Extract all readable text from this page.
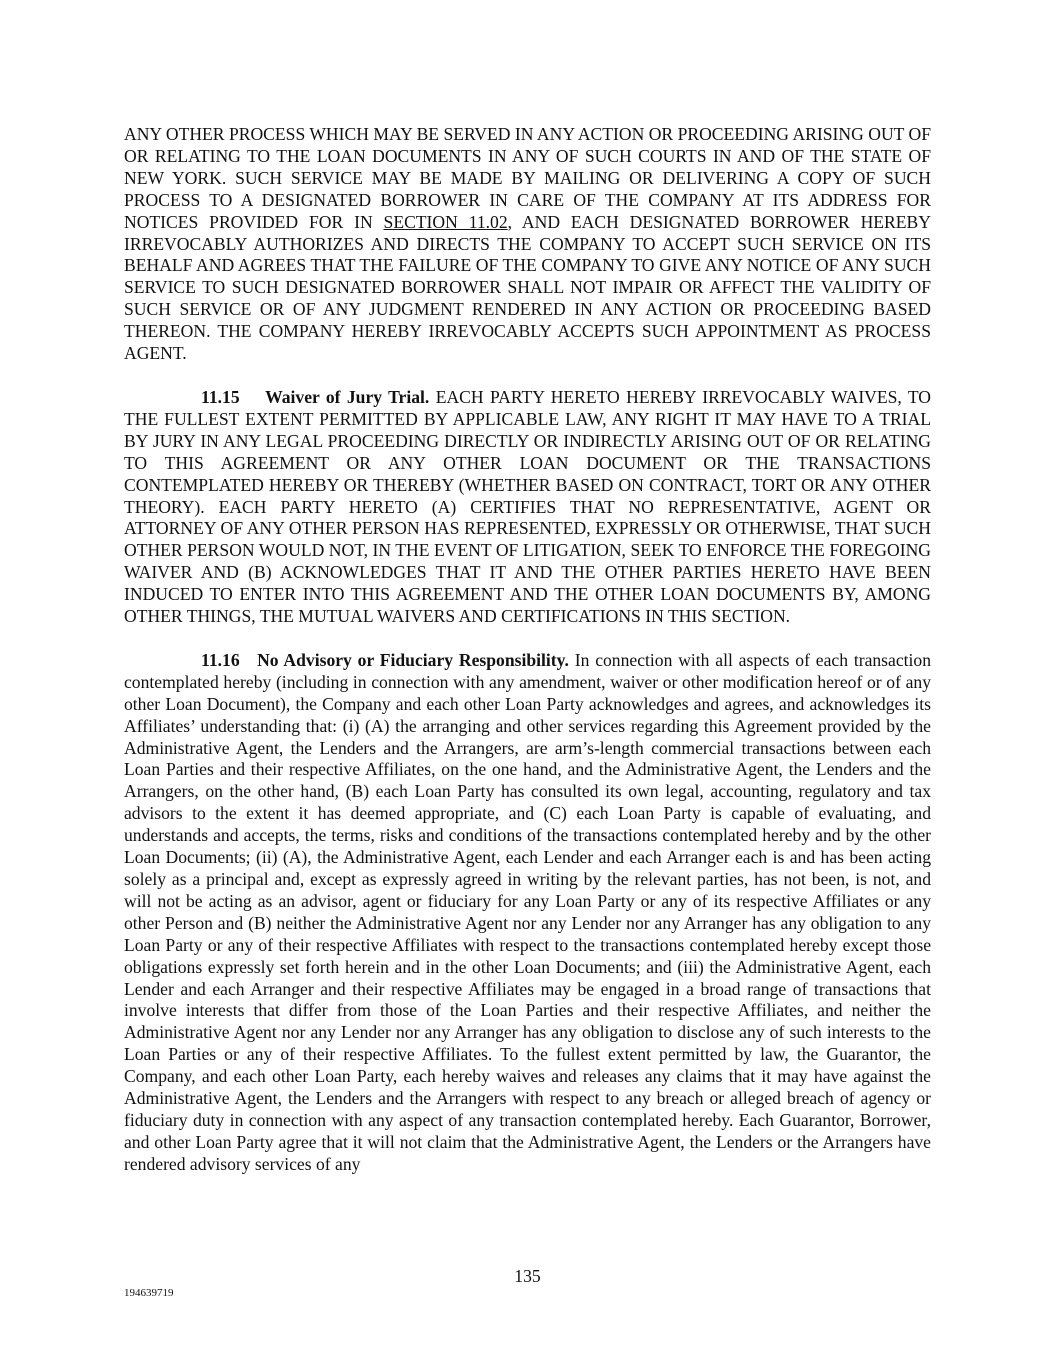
ANY OTHER PROCESS WHICH MAY BE SERVED IN ANY ACTION OR PROCEEDING ARISING OUT OF OR RELATING TO THE LOAN DOCUMENTS IN ANY OF SUCH COURTS IN AND OF THE STATE OF NEW YORK. SUCH SERVICE MAY BE MADE BY MAILING OR DELIVERING A COPY OF SUCH PROCESS TO A DESIGNATED BORROWER IN CARE OF THE COMPANY AT ITS ADDRESS FOR NOTICES PROVIDED FOR IN SECTION 11.02, AND EACH DESIGNATED BORROWER HEREBY IRREVOCABLY AUTHORIZES AND DIRECTS THE COMPANY TO ACCEPT SUCH SERVICE ON ITS BEHALF AND AGREES THAT THE FAILURE OF THE COMPANY TO GIVE ANY NOTICE OF ANY SUCH SERVICE TO SUCH DESIGNATED BORROWER SHALL NOT IMPAIR OR AFFECT THE VALIDITY OF SUCH SERVICE OR OF ANY JUDGMENT RENDERED IN ANY ACTION OR PROCEEDING BASED THEREON. THE COMPANY HEREBY IRREVOCABLY ACCEPTS SUCH APPOINTMENT AS PROCESS AGENT.

11.15 Waiver of Jury Trial. EACH PARTY HERETO HEREBY IRREVOCABLY WAIVES, TO THE FULLEST EXTENT PERMITTED BY APPLICABLE LAW, ANY RIGHT IT MAY HAVE TO A TRIAL BY JURY IN ANY LEGAL PROCEEDING DIRECTLY OR INDIRECTLY ARISING OUT OF OR RELATING TO THIS AGREEMENT OR ANY OTHER LOAN DOCUMENT OR THE TRANSACTIONS CONTEMPLATED HEREBY OR THEREBY (WHETHER BASED ON CONTRACT, TORT OR ANY OTHER THEORY). EACH PARTY HERETO (A) CERTIFIES THAT NO REPRESENTATIVE, AGENT OR ATTORNEY OF ANY OTHER PERSON HAS REPRESENTED, EXPRESSLY OR OTHERWISE, THAT SUCH OTHER PERSON WOULD NOT, IN THE EVENT OF LITIGATION, SEEK TO ENFORCE THE FOREGOING WAIVER AND (B) ACKNOWLEDGES THAT IT AND THE OTHER PARTIES HERETO HAVE BEEN INDUCED TO ENTER INTO THIS AGREEMENT AND THE OTHER LOAN DOCUMENTS BY, AMONG OTHER THINGS, THE MUTUAL WAIVERS AND CERTIFICATIONS IN THIS SECTION.

11.16 No Advisory or Fiduciary Responsibility. In connection with all aspects of each transaction contemplated hereby (including in connection with any amendment, waiver or other modification hereof or of any other Loan Document), the Company and each other Loan Party acknowledges and agrees, and acknowledges its Affiliates’ understanding that: (i) (A) the arranging and other services regarding this Agreement provided by the Administrative Agent, the Lenders and the Arrangers, are arm’s-length commercial transactions between each Loan Parties and their respective Affiliates, on the one hand, and the Administrative Agent, the Lenders and the Arrangers, on the other hand, (B) each Loan Party has consulted its own legal, accounting, regulatory and tax advisors to the extent it has deemed appropriate, and (C) each Loan Party is capable of evaluating, and understands and accepts, the terms, risks and conditions of the transactions contemplated hereby and by the other Loan Documents; (ii) (A), the Administrative Agent, each Lender and each Arranger each is and has been acting solely as a principal and, except as expressly agreed in writing by the relevant parties, has not been, is not, and will not be acting as an advisor, agent or fiduciary for any Loan Party or any of its respective Affiliates or any other Person and (B) neither the Administrative Agent nor any Lender nor any Arranger has any obligation to any Loan Party or any of their respective Affiliates with respect to the transactions contemplated hereby except those obligations expressly set forth herein and in the other Loan Documents; and (iii) the Administrative Agent, each Lender and each Arranger and their respective Affiliates may be engaged in a broad range of transactions that involve interests that differ from those of the Loan Parties and their respective Affiliates, and neither the Administrative Agent nor any Lender nor any Arranger has any obligation to disclose any of such interests to the Loan Parties or any of their respective Affiliates. To the fullest extent permitted by law, the Guarantor, the Company, and each other Loan Party, each hereby waives and releases any claims that it may have against the Administrative Agent, the Lenders and the Arrangers with respect to any breach or alleged breach of agency or fiduciary duty in connection with any aspect of any transaction contemplated hereby. Each Guarantor, Borrower, and other Loan Party agree that it will not claim that the Administrative Agent, the Lenders or the Arrangers have rendered advisory services of any

135
194639719
